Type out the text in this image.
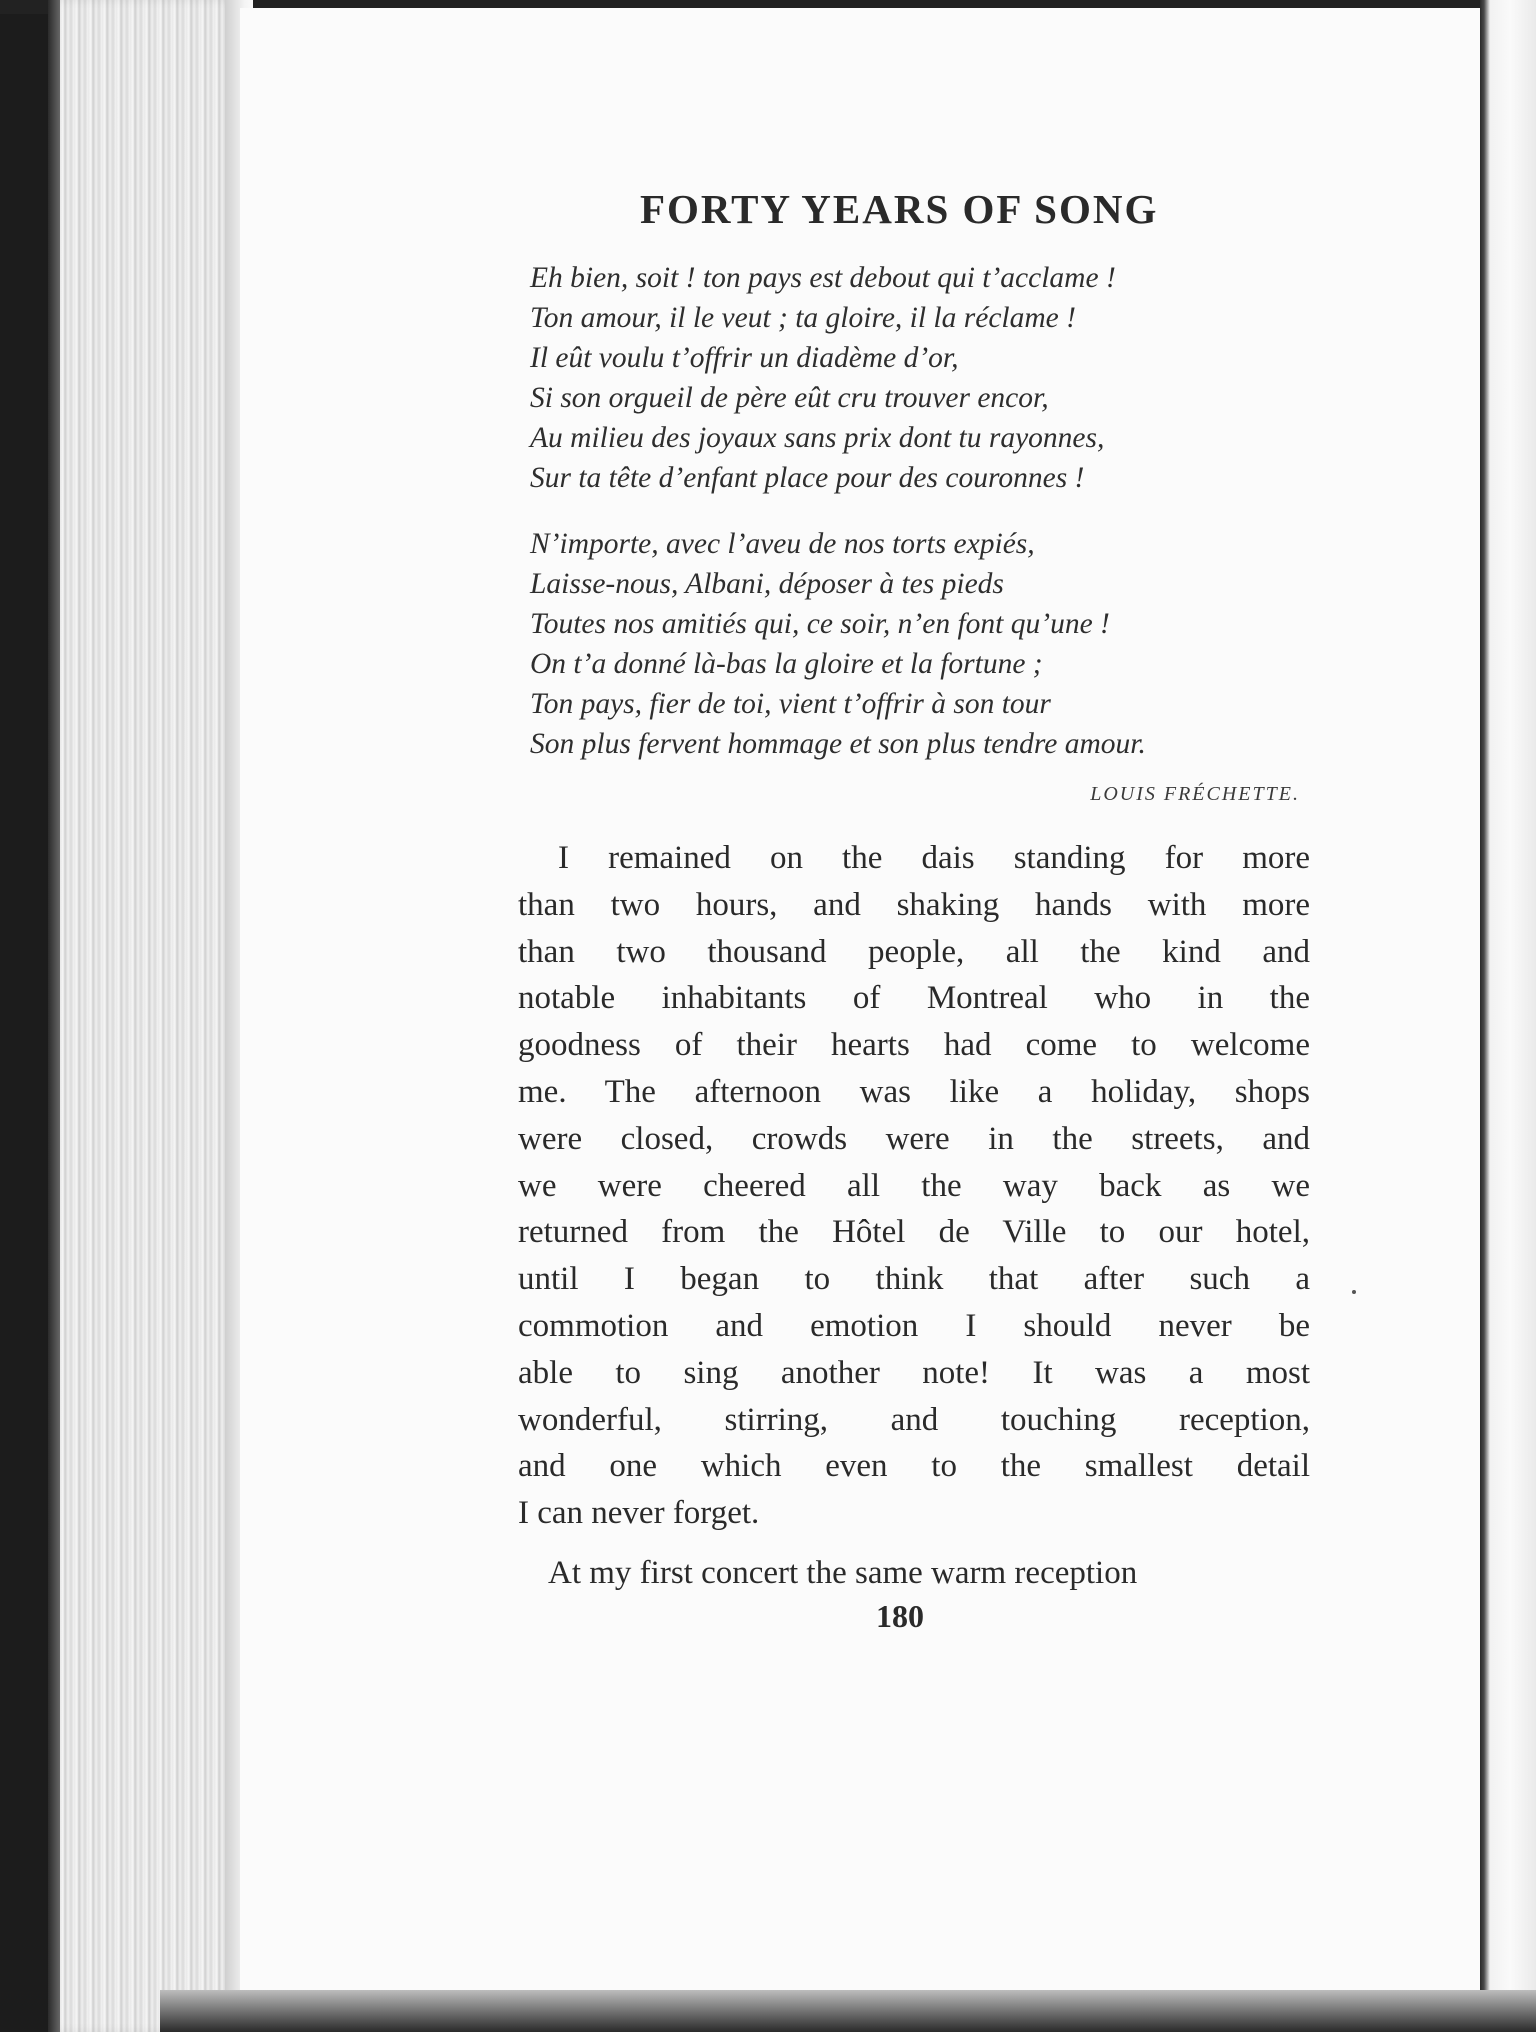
FORTY YEARS OF SONG
Eh bien, soit ! ton pays est debout qui t’acclame !
Ton amour, il le veut ; ta gloire, il la réclame !
Il eût voulu t’offrir un diadème d’or,
Si son orgueil de père eût cru trouver encor,
Au milieu des joyaux sans prix dont tu rayonnes,
Sur ta tête d’enfant place pour des couronnes !
N’importe, avec l’aveu de nos torts expiés,
Laisse-nous, Albani, déposer à tes pieds
Toutes nos amitiés qui, ce soir, n’en font qu’une !
On t’a donné là-bas la gloire et la fortune ;
Ton pays, fier de toi, vient t’offrir à son tour
Son plus fervent hommage et son plus tendre amour.
LOUIS FRÉCHETTE.
I remained on the dais standing for more
than two hours, and shaking hands with more
than two thousand people, all the kind and
notable inhabitants of Montreal who in the
goodness of their hearts had come to welcome
me. The afternoon was like a holiday, shops
were closed, crowds were in the streets, and
we were cheered all the way back as we
returned from the Hôtel de Ville to our hotel,
until I began to think that after such a
commotion and emotion I should never be
able to sing another note! It was a most
wonderful, stirring, and touching reception,
and one which even to the smallest detail
I can never forget.
At my first concert the same warm reception
180
